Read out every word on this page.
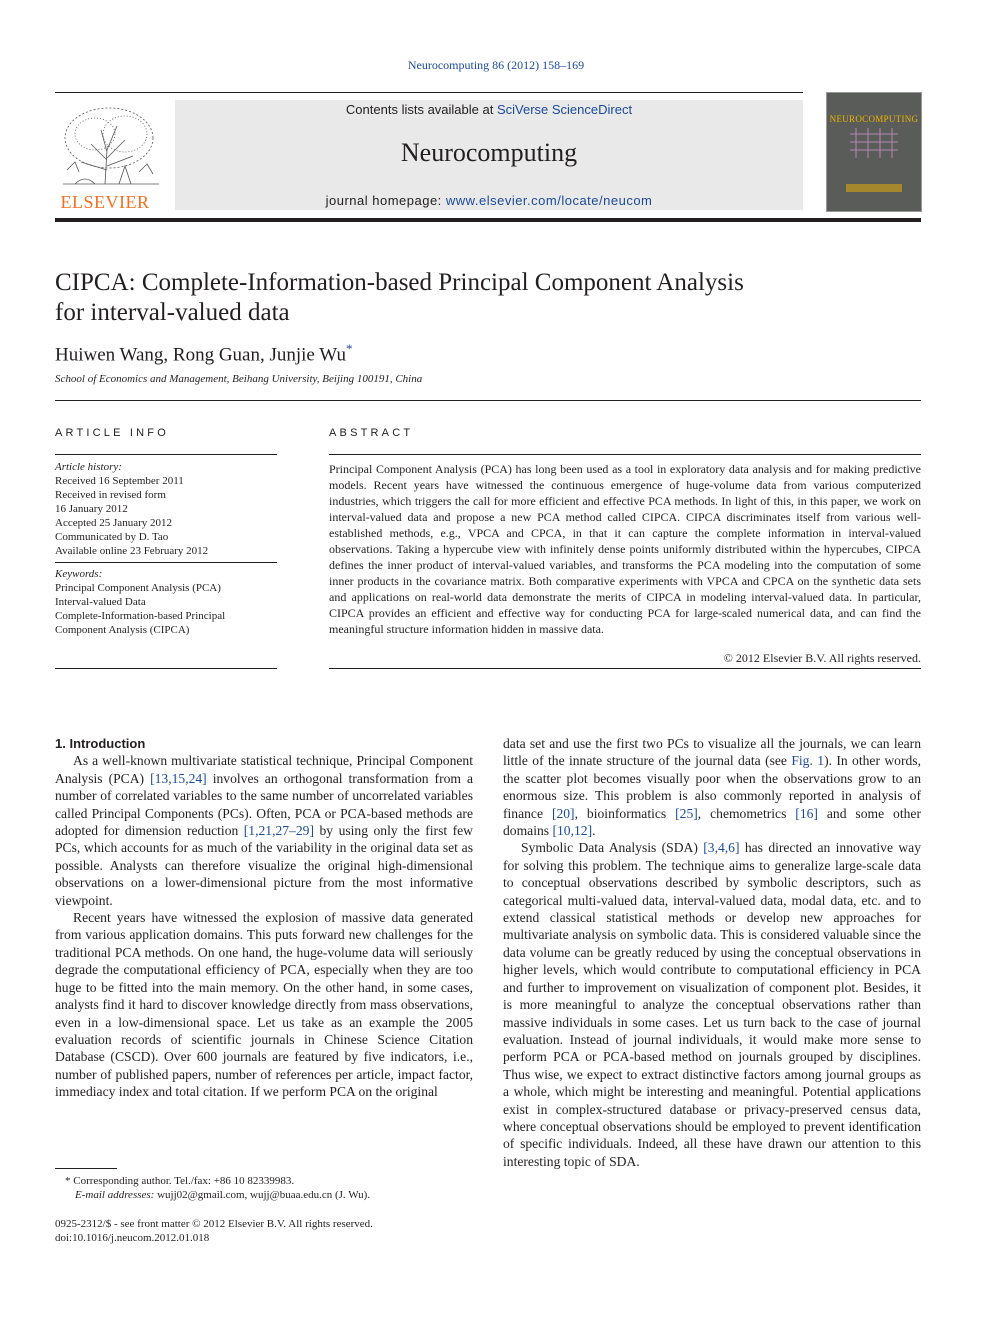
Neurocomputing 86 (2012) 158–169
Contents lists available at SciVerse ScienceDirect
Neurocomputing
journal homepage: www.elsevier.com/locate/neucom
ELSEVIER
NEUROCOMPUTING
CIPCA: Complete-Information-based Principal Component Analysis
for interval-valued data
Huiwen Wang, Rong Guan, Junjie Wu*
School of Economics and Management, Beihang University, Beijing 100191, China
ARTICLE INFO
Article history:
Received 16 September 2011
Received in revised form
16 January 2012
Accepted 25 January 2012
Communicated by D. Tao
Available online 23 February 2012
Keywords:
Principal Component Analysis (PCA)
Interval-valued Data
Complete-Information-based Principal
Component Analysis (CIPCA)
ABSTRACT
Principal Component Analysis (PCA) has long been used as a tool in exploratory data analysis and for making predictive models. Recent years have witnessed the continuous emergence of huge-volume data from various computerized industries, which triggers the call for more efficient and effective PCA methods. In light of this, in this paper, we work on interval-valued data and propose a new PCA method called CIPCA. CIPCA discriminates itself from various well-established methods, e.g., VPCA and CPCA, in that it can capture the complete information in interval-valued observations. Taking a hypercube view with infinitely dense points uniformly distributed within the hypercubes, CIPCA defines the inner product of interval-valued variables, and transforms the PCA modeling into the computation of some inner products in the covariance matrix. Both comparative experiments with VPCA and CPCA on the synthetic data sets and applications on real-world data demonstrate the merits of CIPCA in modeling interval-valued data. In particular, CIPCA provides an efficient and effective way for conducting PCA for large-scaled numerical data, and can find the meaningful structure information hidden in massive data.
© 2012 Elsevier B.V. All rights reserved.

1. Introduction

As a well-known multivariate statistical technique, Principal Component Analysis (PCA) [13,15,24] involves an orthogonal transformation from a number of correlated variables to the same number of uncorrelated variables called Principal Components (PCs). Often, PCA or PCA-based methods are adopted for dimension reduction [1,21,27–29] by using only the first few PCs, which accounts for as much of the variability in the original data set as possible. Analysts can therefore visualize the original high-dimensional observations on a lower-dimensional picture from the most informative viewpoint.

Recent years have witnessed the explosion of massive data generated from various application domains. This puts forward new challenges for the traditional PCA methods. On one hand, the huge-volume data will seriously degrade the computational efficiency of PCA, especially when they are too huge to be fitted into the main memory. On the other hand, in some cases, analysts find it hard to discover knowledge directly from mass observations, even in a low-dimensional space. Let us take as an example the 2005 evaluation records of scientific journals in Chinese Science Citation Database (CSCD). Over 600 journals are featured by five indicators, i.e., number of published papers, number of references per article, impact factor, immediacy index and total citation. If we perform PCA on the original

data set and use the first two PCs to visualize all the journals, we can learn little of the innate structure of the journal data (see Fig. 1). In other words, the scatter plot becomes visually poor when the observations grow to an enormous size. This problem is also commonly reported in analysis of finance [20], bioinformatics [25], chemometrics [16] and some other domains [10,12].

Symbolic Data Analysis (SDA) [3,4,6] has directed an innovative way for solving this problem. The technique aims to generalize large-scale data to conceptual observations described by symbolic descriptors, such as categorical multi-valued data, interval-valued data, modal data, etc. and to extend classical statistical methods or develop new approaches for multivariate analysis on symbolic data. This is considered valuable since the data volume can be greatly reduced by using the conceptual observations in higher levels, which would contribute to computational efficiency in PCA and further to improvement on visualization of component plot. Besides, it is more meaningful to analyze the conceptual observations rather than massive individuals in some cases. Let us turn back to the case of journal evaluation. Instead of journal individuals, it would make more sense to perform PCA or PCA-based method on journals grouped by disciplines. Thus wise, we expect to extract distinctive factors among journal groups as a whole, which might be interesting and meaningful. Potential applications exist in complex-structured database or privacy-preserved census data, where conceptual observations should be employed to prevent identification of specific individuals. Indeed, all these have drawn our attention to this interesting topic of SDA.

* Corresponding author. Tel./fax: +86 10 82339983.
E-mail addresses: wujj02@gmail.com, wujj@buaa.edu.cn (J. Wu).
0925-2312/$ - see front matter © 2012 Elsevier B.V. All rights reserved.
doi:10.1016/j.neucom.2012.01.018
